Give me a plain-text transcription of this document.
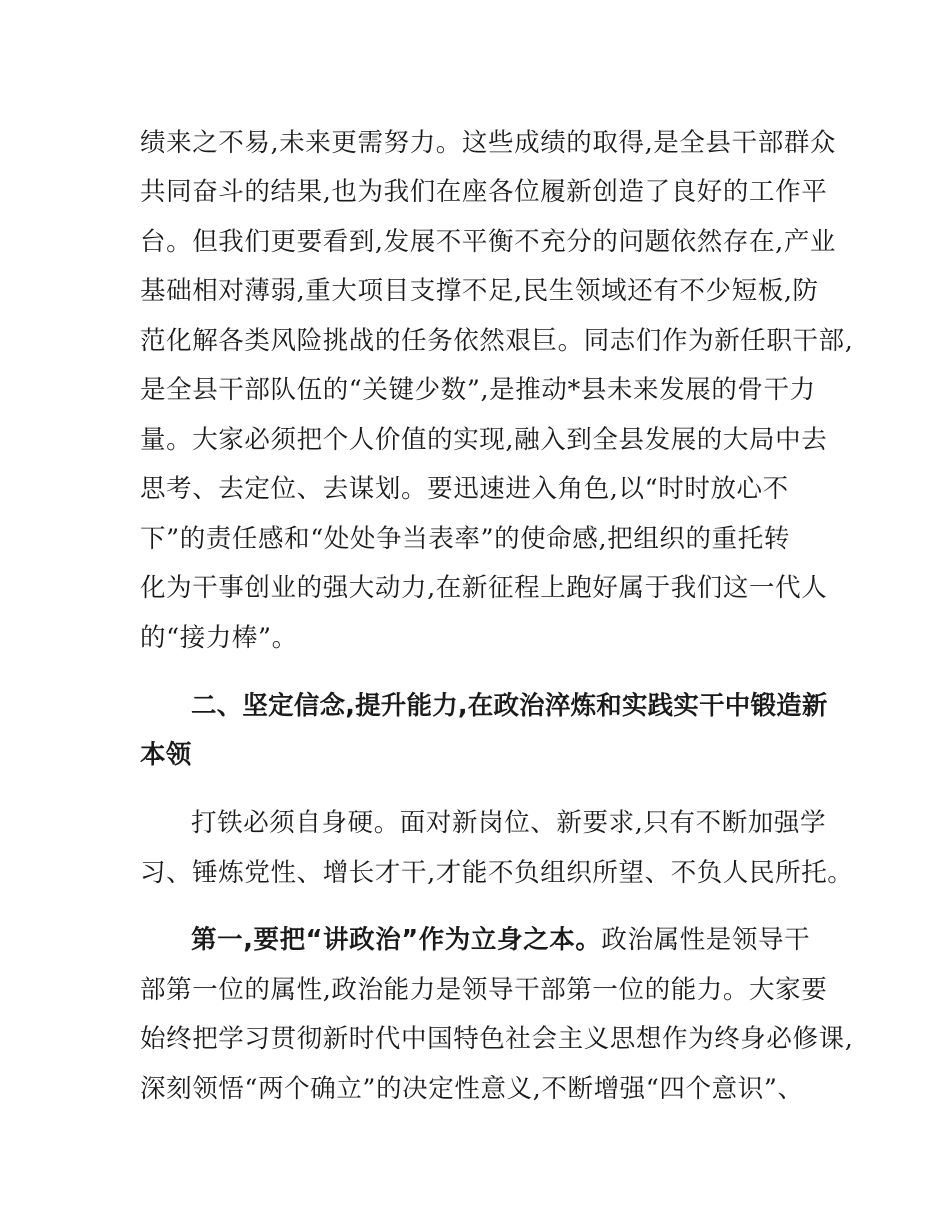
绩来之不易,未来更需努力。这些成绩的取得,是全县干部群众
共同奋斗的结果,也为我们在座各位履新创造了良好的工作平
台。但我们更要看到,发展不平衡不充分的问题依然存在,产业
基础相对薄弱,重大项目支撑不足,民生领域还有不少短板,防
范化解各类风险挑战的任务依然艰巨。同志们作为新任职干部,
是全县干部队伍的“关键少数”,是推动*县未来发展的骨干力
量。大家必须把个人价值的实现,融入到全县发展的大局中去
思考、去定位、去谋划。要迅速进入角色,以“时时放心不
下”的责任感和“处处争当表率”的使命感,把组织的重托转
化为干事创业的强大动力,在新征程上跑好属于我们这一代人
的“接力棒”。
二、坚定信念,提升能力,在政治淬炼和实践实干中锻造新
本领
打铁必须自身硬。面对新岗位、新要求,只有不断加强学
习、锤炼党性、增长才干,才能不负组织所望、不负人民所托。
第一,要把“讲政治”作为立身之本。政治属性是领导干
部第一位的属性,政治能力是领导干部第一位的能力。大家要
始终把学习贯彻新时代中国特色社会主义思想作为终身必修课,
深刻领悟“两个确立”的决定性意义,不断增强“四个意识”、
